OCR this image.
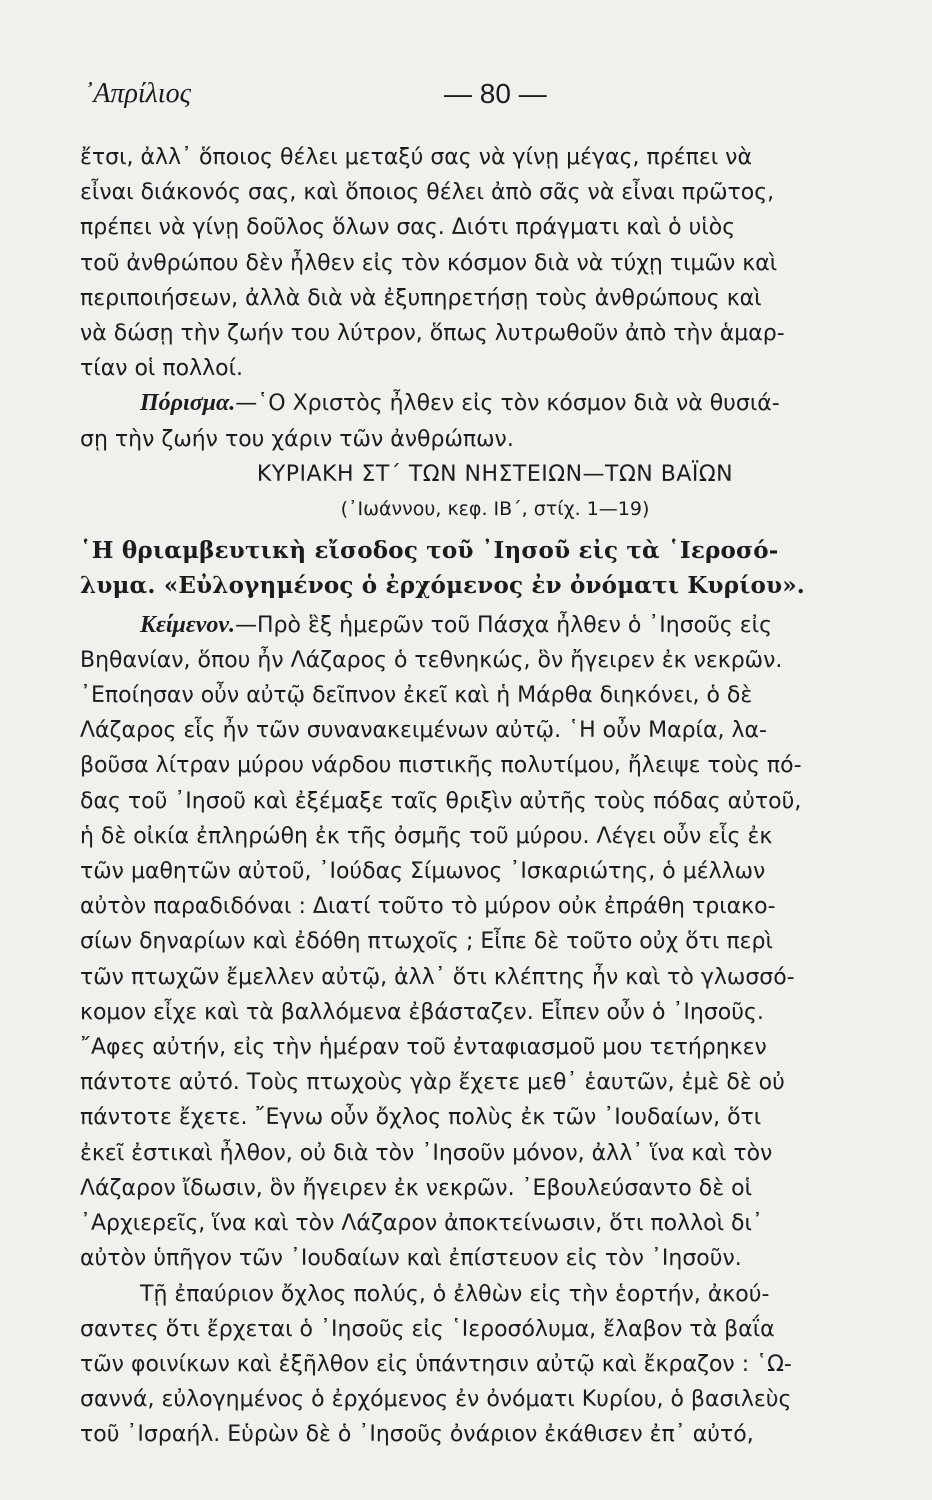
᾿Απρίλιος	— 80 —
ἔτσι, ἀλλ᾿ ὅποιος θέλει μεταξύ σας νὰ γίνῃ μέγας, πρέπει νὰ
εἶναι διάκονός σας, καὶ ὅποιος θέλει ἀπὸ σᾶς νὰ εἶναι πρῶτος,
πρέπει νὰ γίνῃ δοῦλος ὅλων σας. Διότι πράγματι καὶ ὁ υἱὸς
τοῦ ἀνθρώπου δὲν ἦλθεν εἰς τὸν κόσμον διὰ νὰ τύχῃ τιμῶν καὶ
περιποιήσεων, ἀλλὰ διὰ νὰ ἐξυπηρετήσῃ τοὺς ἀνθρώπους καὶ
νὰ δώσῃ τὴν ζωήν του λύτρον, ὅπως λυτρωθοῦν ἀπὸ τὴν ἁμαρ-
τίαν οἱ πολλοί.
Πόρισμα.—῾Ο Χριστὸς ἦλθεν εἰς τὸν κόσμον διὰ νὰ θυσιά-
σῃ τὴν ζωήν του χάριν τῶν ἀνθρώπων.
ΚΥΡΙΑΚΗ ΣΤ΄ ΤΩΝ ΝΗΣΤΕΙΩΝ—ΤΩΝ ΒΑΪΩΝ
(᾿Ιωάννου, κεφ. ΙΒ΄, στίχ. 1—19)
῾Η θριαμβευτικὴ εἴσοδος τοῦ ᾿Ιησοῦ εἰς τὰ ῾Ιεροσό-
λυμα. «Εὐλογημένος ὁ ἐρχόμενος ἐν ὀνόματι Κυρίου».
Κείμενον.—Πρὸ ἓξ ἡμερῶν τοῦ Πάσχα ἦλθεν ὁ ᾿Ιησοῦς εἰς
Βηθανίαν, ὅπου ἦν Λάζαρος ὁ τεθνηκώς, ὃν ἤγειρεν ἐκ νεκρῶν.
᾿Εποίησαν οὖν αὐτῷ δεῖπνον ἐκεῖ καὶ ἡ Μάρθα διηκόνει, ὁ δὲ
Λάζαρος εἷς ἦν τῶν συνανακειμένων αὐτῷ. ῾Η οὖν Μαρία, λα-
βοῦσα λίτραν μύρου νάρδου πιστικῆς πολυτίμου, ἤλειψε τοὺς πό-
δας τοῦ ᾿Ιησοῦ καὶ ἐξέμαξε ταῖς θριξὶν αὐτῆς τοὺς πόδας αὐτοῦ,
ἡ δὲ οἰκία ἐπληρώθη ἐκ τῆς ὀσμῆς τοῦ μύρου. Λέγει οὖν εἷς ἐκ
τῶν μαθητῶν αὐτοῦ, ᾿Ιούδας Σίμωνος ᾿Ισκαριώτης, ὁ μέλλων
αὐτὸν παραδιδόναι : Διατί τοῦτο τὸ μύρον οὐκ ἐπράθη τριακο-
σίων δηναρίων καὶ ἐδόθη πτωχοῖς ; Εἶπε δὲ τοῦτο οὐχ ὅτι περὶ
τῶν πτωχῶν ἔμελλεν αὐτῷ, ἀλλ᾿ ὅτι κλέπτης ἦν καὶ τὸ γλωσσό-
κομον εἶχε καὶ τὰ βαλλόμενα ἐβάσταζεν. Εἶπεν οὖν ὁ ᾿Ιησοῦς.
῎Αφες αὐτήν, εἰς τὴν ἡμέραν τοῦ ἐνταφιασμοῦ μου τετήρηκεν
πάντοτε αὐτό. Τοὺς πτωχοὺς γὰρ ἔχετε μεθ᾿ ἑαυτῶν, ἐμὲ δὲ οὐ
πάντοτε ἔχετε. ῎Εγνω οὖν ὄχλος πολὺς ἐκ τῶν ᾿Ιουδαίων, ὅτι
ἐκεῖ ἐστικαὶ ἦλθον, οὐ διὰ τὸν ᾿Ιησοῦν μόνον, ἀλλ᾿ ἵνα καὶ τὸν
Λάζαρον ἴδωσιν, ὃν ἤγειρεν ἐκ νεκρῶν. ᾿Εβουλεύσαντο δὲ οἱ
᾿Αρχιερεῖς, ἵνα καὶ τὸν Λάζαρον ἀποκτείνωσιν, ὅτι πολλοὶ δι᾿
αὐτὸν ὑπῆγον τῶν ᾿Ιουδαίων καὶ ἐπίστευον εἰς τὸν ᾿Ιησοῦν.
Τῇ ἐπαύριον ὄχλος πολύς, ὁ ἐλθὼν εἰς τὴν ἑορτήν, ἀκού-
σαντες ὅτι ἔρχεται ὁ ᾿Ιησοῦς εἰς ῾Ιεροσόλυμα, ἔλαβον τὰ βαΐα
τῶν φοινίκων καὶ ἐξῆλθον εἰς ὑπάντησιν αὐτῷ καὶ ἔκραζον : ῾Ω-
σαννά, εὐλογημένος ὁ ἐρχόμενος ἐν ὀνόματι Κυρίου, ὁ βασιλεὺς
τοῦ ᾿Ισραήλ. Εὑρὼν δὲ ὁ ᾿Ιησοῦς ὀνάριον ἐκάθισεν ἐπ᾿ αὐτό,
